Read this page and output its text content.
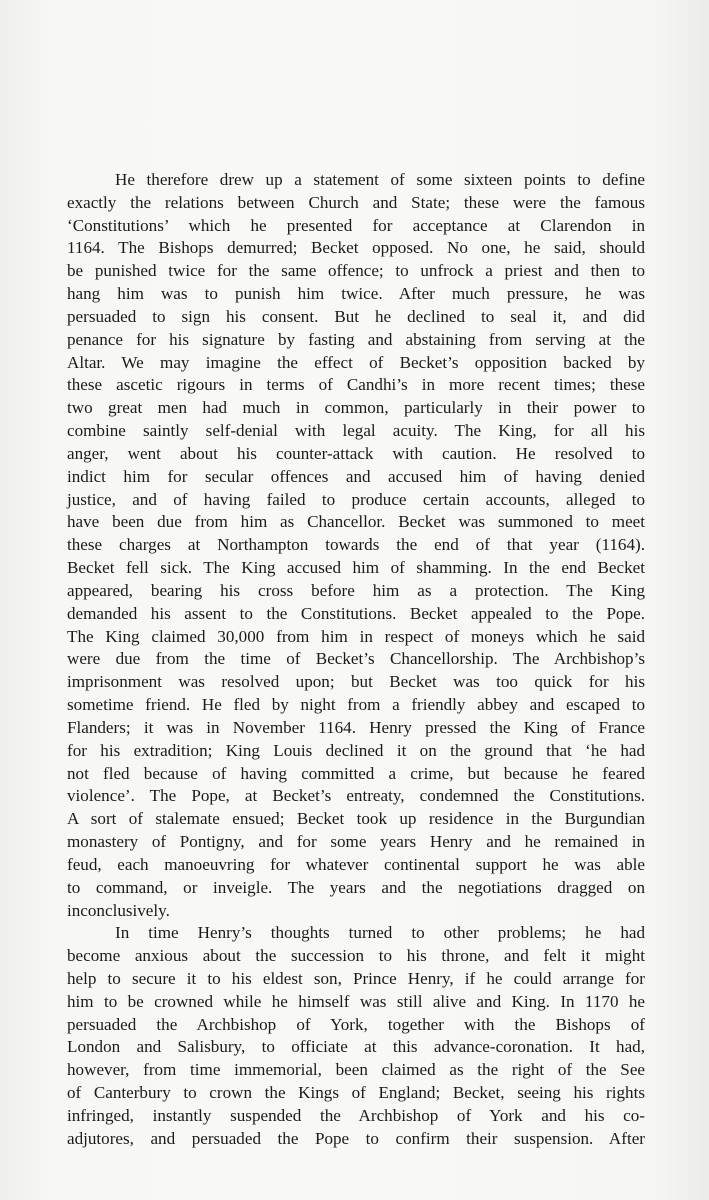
He therefore drew up a statement of some sixteen points to define
exactly the relations between Church and State; these were the famous
‘Constitutions’ which he presented for acceptance at Clarendon in
1164. The Bishops demurred; Becket opposed. No one, he said, should
be punished twice for the same offence; to unfrock a priest and then to
hang him was to punish him twice. After much pressure, he was
persuaded to sign his consent. But he declined to seal it, and did
penance for his signature by fasting and abstaining from serving at the
Altar. We may imagine the effect of Becket’s opposition backed by
these ascetic rigours in terms of Candhi’s in more recent times; these
two great men had much in common, particularly in their power to
combine saintly self-denial with legal acuity. The King, for all his
anger, went about his counter-attack with caution. He resolved to
indict him for secular offences and accused him of having denied
justice, and of having failed to produce certain accounts, alleged to
have been due from him as Chancellor. Becket was summoned to meet
these charges at Northampton towards the end of that year (1164).
Becket fell sick. The King accused him of shamming. In the end Becket
appeared, bearing his cross before him as a protection. The King
demanded his assent to the Constitutions. Becket appealed to the Pope.
The King claimed 30,000 from him in respect of moneys which he said
were due from the time of Becket’s Chancellorship. The Archbishop’s
imprisonment was resolved upon; but Becket was too quick for his
sometime friend. He fled by night from a friendly abbey and escaped to
Flanders; it was in November 1164. Henry pressed the King of France
for his extradition; King Louis declined it on the ground that ‘he had
not fled because of having committed a crime, but because he feared
violence’. The Pope, at Becket’s entreaty, condemned the Constitutions.
A sort of stalemate ensued; Becket took up residence in the Burgundian
monastery of Pontigny, and for some years Henry and he remained in
feud, each manoeuvring for whatever continental support he was able
to command, or inveigle. The years and the negotiations dragged on
inconclusively.

In time Henry’s thoughts turned to other problems; he had
become anxious about the succession to his throne, and felt it might
help to secure it to his eldest son, Prince Henry, if he could arrange for
him to be crowned while he himself was still alive and King. In 1170 he
persuaded the Archbishop of York, together with the Bishops of
London and Salisbury, to officiate at this advance-coronation. It had,
however, from time immemorial, been claimed as the right of the See
of Canterbury to crown the Kings of England; Becket, seeing his rights
infringed, instantly suspended the Archbishop of York and his co-
adjutores, and persuaded the Pope to confirm their suspension. After
